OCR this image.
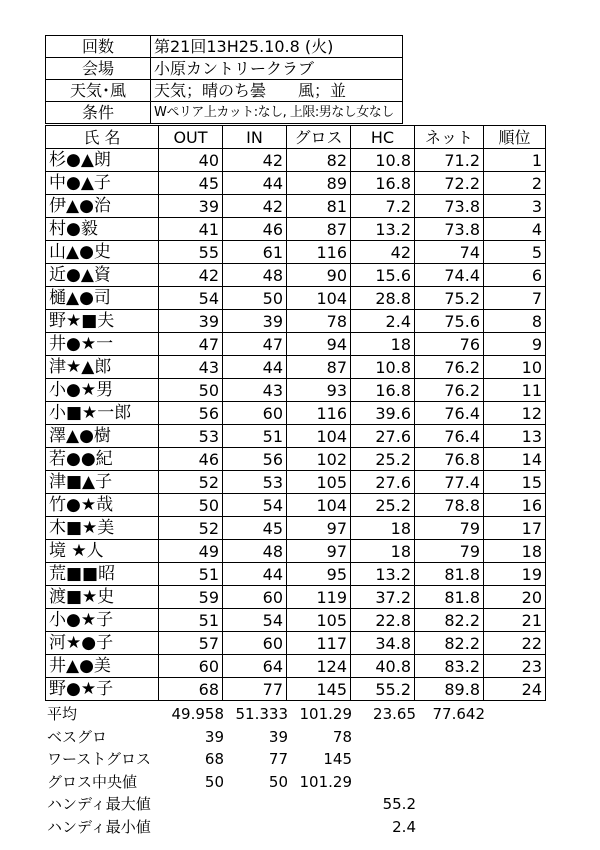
回数	第21回13H25.10.8 (火)
会場	小原カントリークラブ
天気･風	天気；晴のち曇　　風；並
条件	Wペリア上カット:なし, 上限:男なし女なし
氏 名	OUT	IN	グロス	HC	ネット	順位
杉●▲朗	40	42	82	10.8	71.2	1
中●▲子	45	44	89	16.8	72.2	2
伊▲●治	39	42	81	7.2	73.8	3
村●毅	41	46	87	13.2	73.8	4
山▲●史	55	61	116	42	74	5
近●▲資	42	48	90	15.6	74.4	6
樋▲●司	54	50	104	28.8	75.2	7
野★■夫	39	39	78	2.4	75.6	8
井●★一	47	47	94	18	76	9
津★▲郎	43	44	87	10.8	76.2	10
小●★男	50	43	93	16.8	76.2	11
小■★一郎	56	60	116	39.6	76.4	12
澤▲●樹	53	51	104	27.6	76.4	13
若●●紀	46	56	102	25.2	76.8	14
津■▲子	52	53	105	27.6	77.4	15
竹●★哉	50	54	104	25.2	78.8	16
木■★美	52	45	97	18	79	17
境 ★人	49	48	97	18	79	18
荒■■昭	51	44	95	13.2	81.8	19
渡■★史	59	60	119	37.2	81.8	20
小●★子	51	54	105	22.8	82.2	21
河★●子	57	60	117	34.8	82.2	22
井▲●美	60	64	124	40.8	83.2	23
野●★子	68	77	145	55.2	89.8	24
平均	49.958	51.333	101.29	23.65	77.642
ベスグロ	39	39	78		
ワーストグロス	68	77	145		
グロス中央値	50	50	101.29		
ハンディ最大値				55.2	
ハンディ最小値				2.4	
